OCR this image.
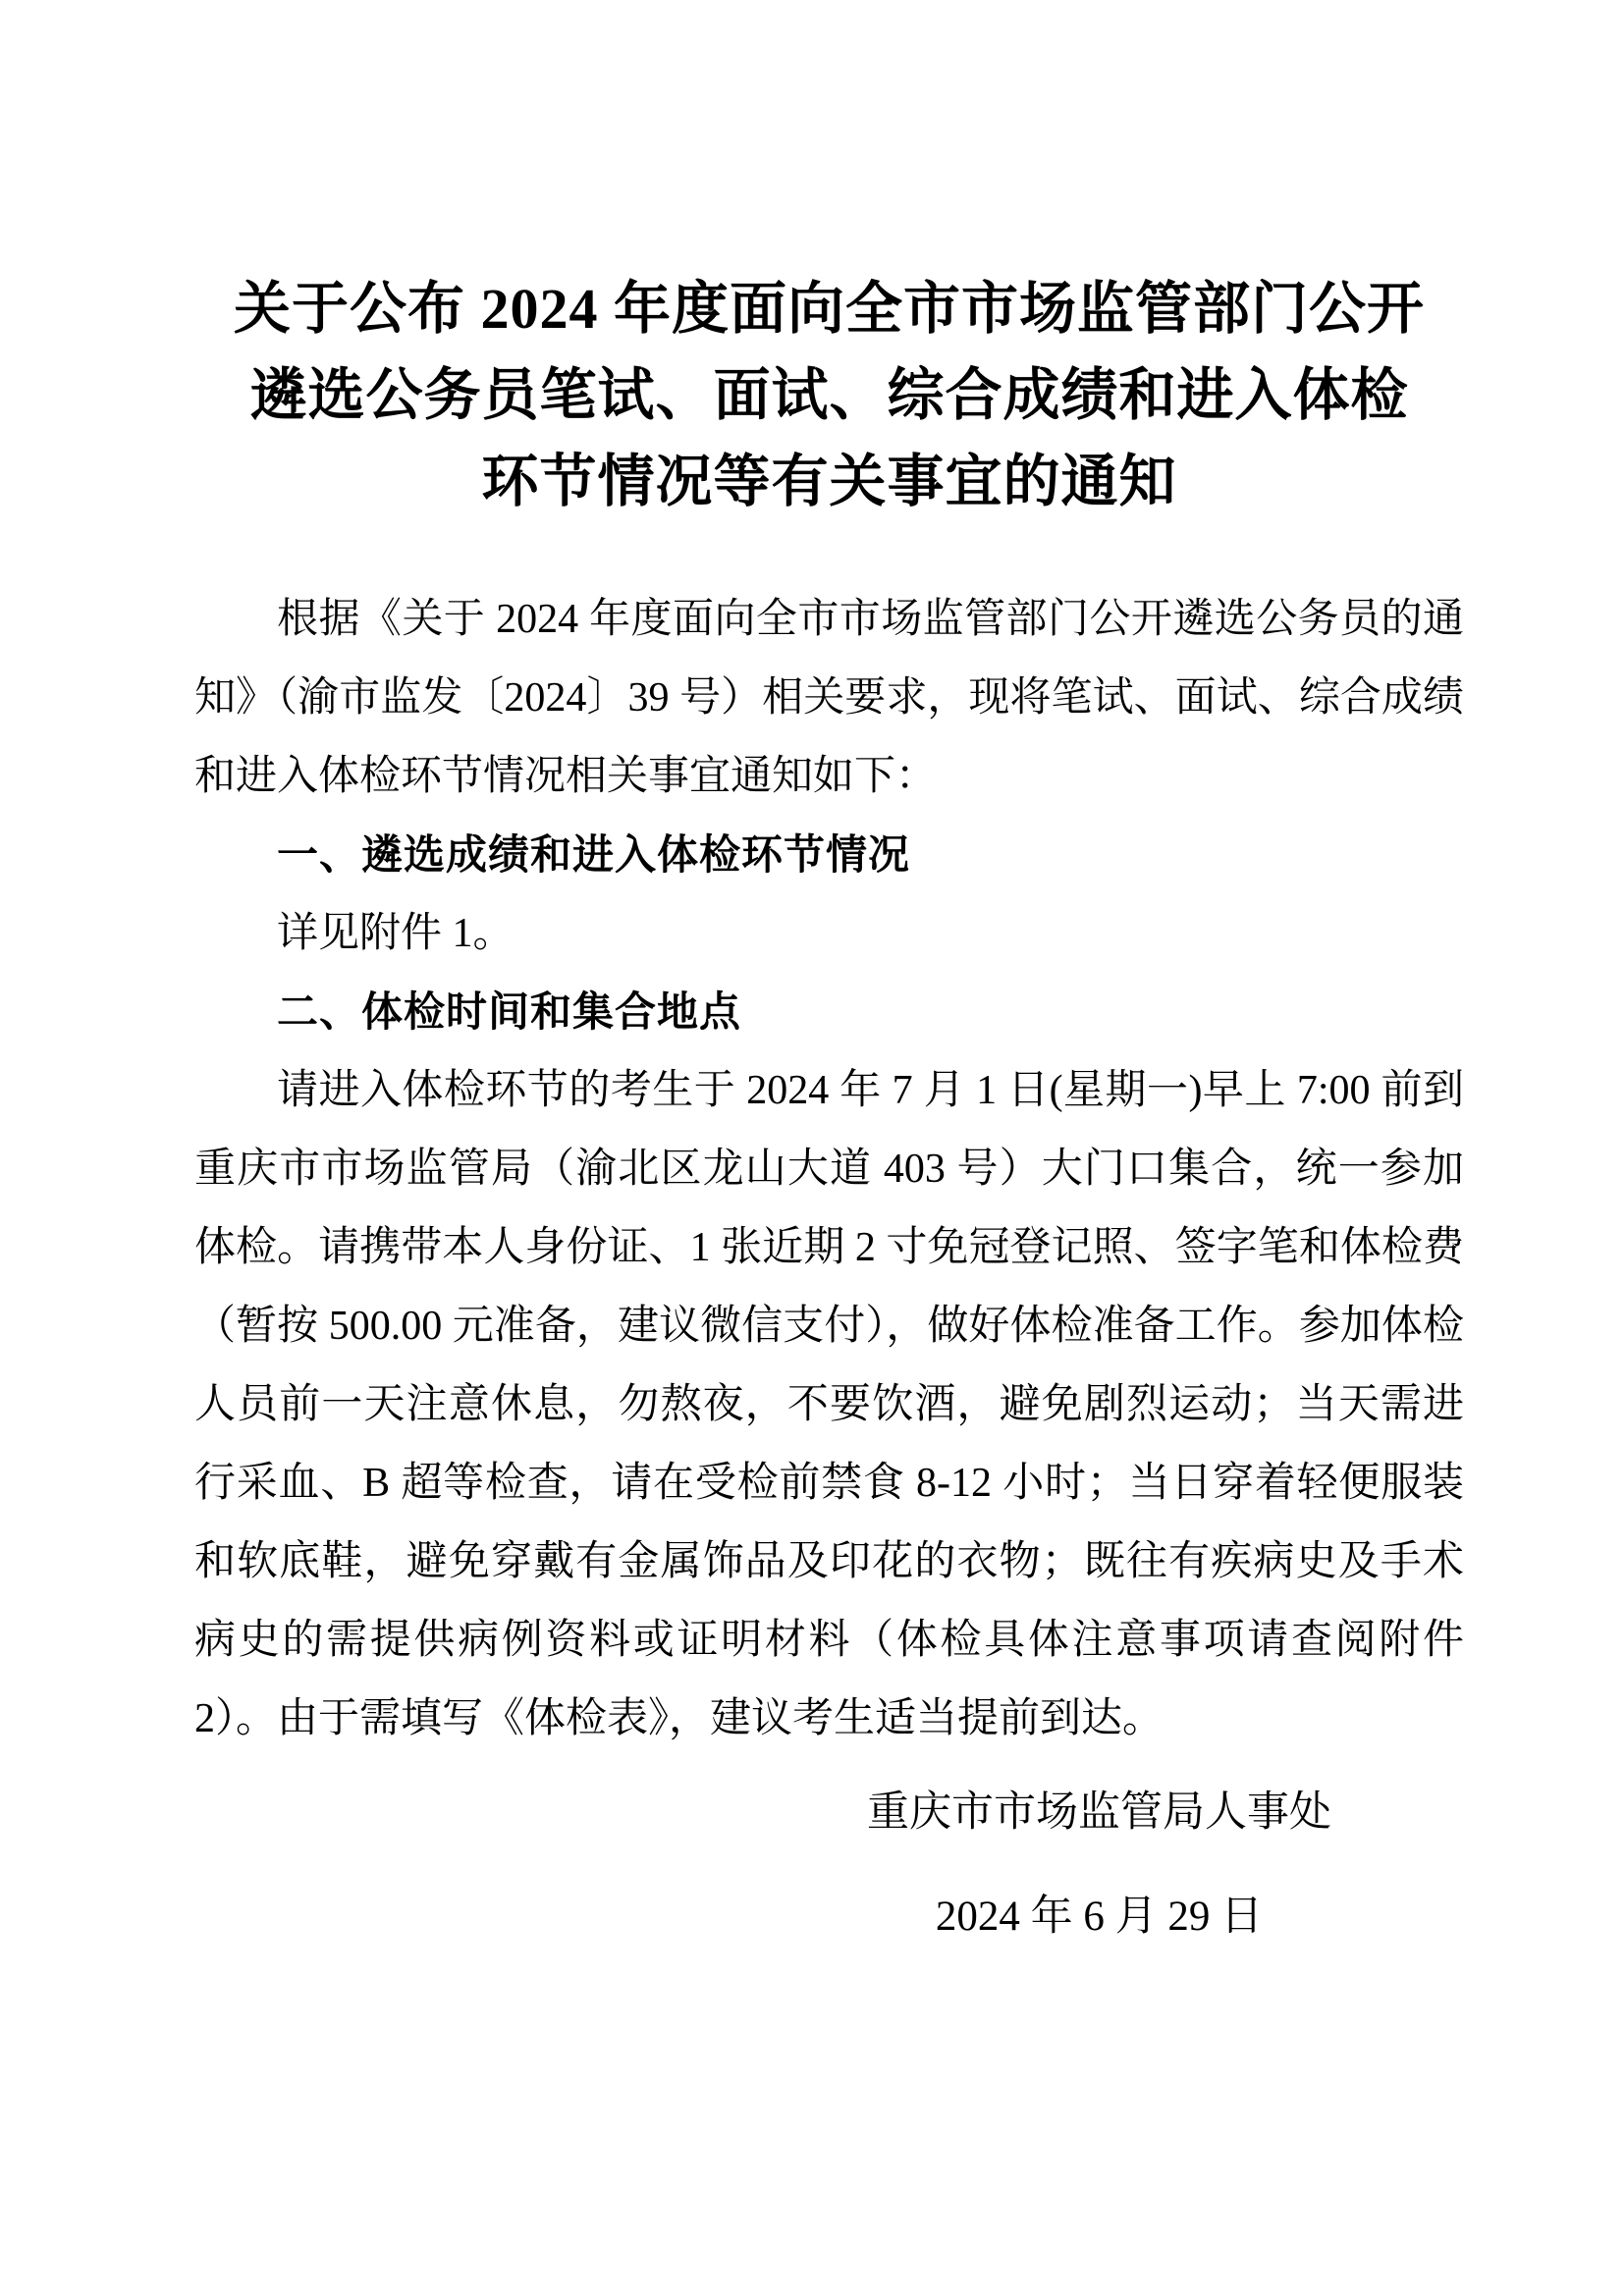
关于公布 2024 年度面向全市市场监管部门公开
遴选公务员笔试、面试、综合成绩和进入体检
环节情况等有关事宜的通知

根据《关于 2024 年度面向全市市场监管部门公开遴选公务员的通知》（渝市监发〔2024〕39 号）相关要求，现将笔试、面试、综合成绩和进入体检环节情况相关事宜通知如下：

一、遴选成绩和进入体检环节情况

详见附件 1。

二、体检时间和集合地点

请进入体检环节的考生于 2024 年 7 月 1 日(星期一)早上 7:00 前到重庆市市场监管局（渝北区龙山大道 403 号）大门口集合，统一参加体检。请携带本人身份证、1 张近期 2 寸免冠登记照、签字笔和体检费（暂按 500.00 元准备，建议微信支付），做好体检准备工作。参加体检人员前一天注意休息，勿熬夜，不要饮酒，避免剧烈运动；当天需进行采血、B 超等检查，请在受检前禁食 8-12 小时；当日穿着轻便服装和软底鞋，避免穿戴有金属饰品及印花的衣物；既往有疾病史及手术病史的需提供病例资料或证明材料（体检具体注意事项请查阅附件 2）。由于需填写《体检表》，建议考生适当提前到达。

重庆市市场监管局人事处
2024 年 6 月 29 日
